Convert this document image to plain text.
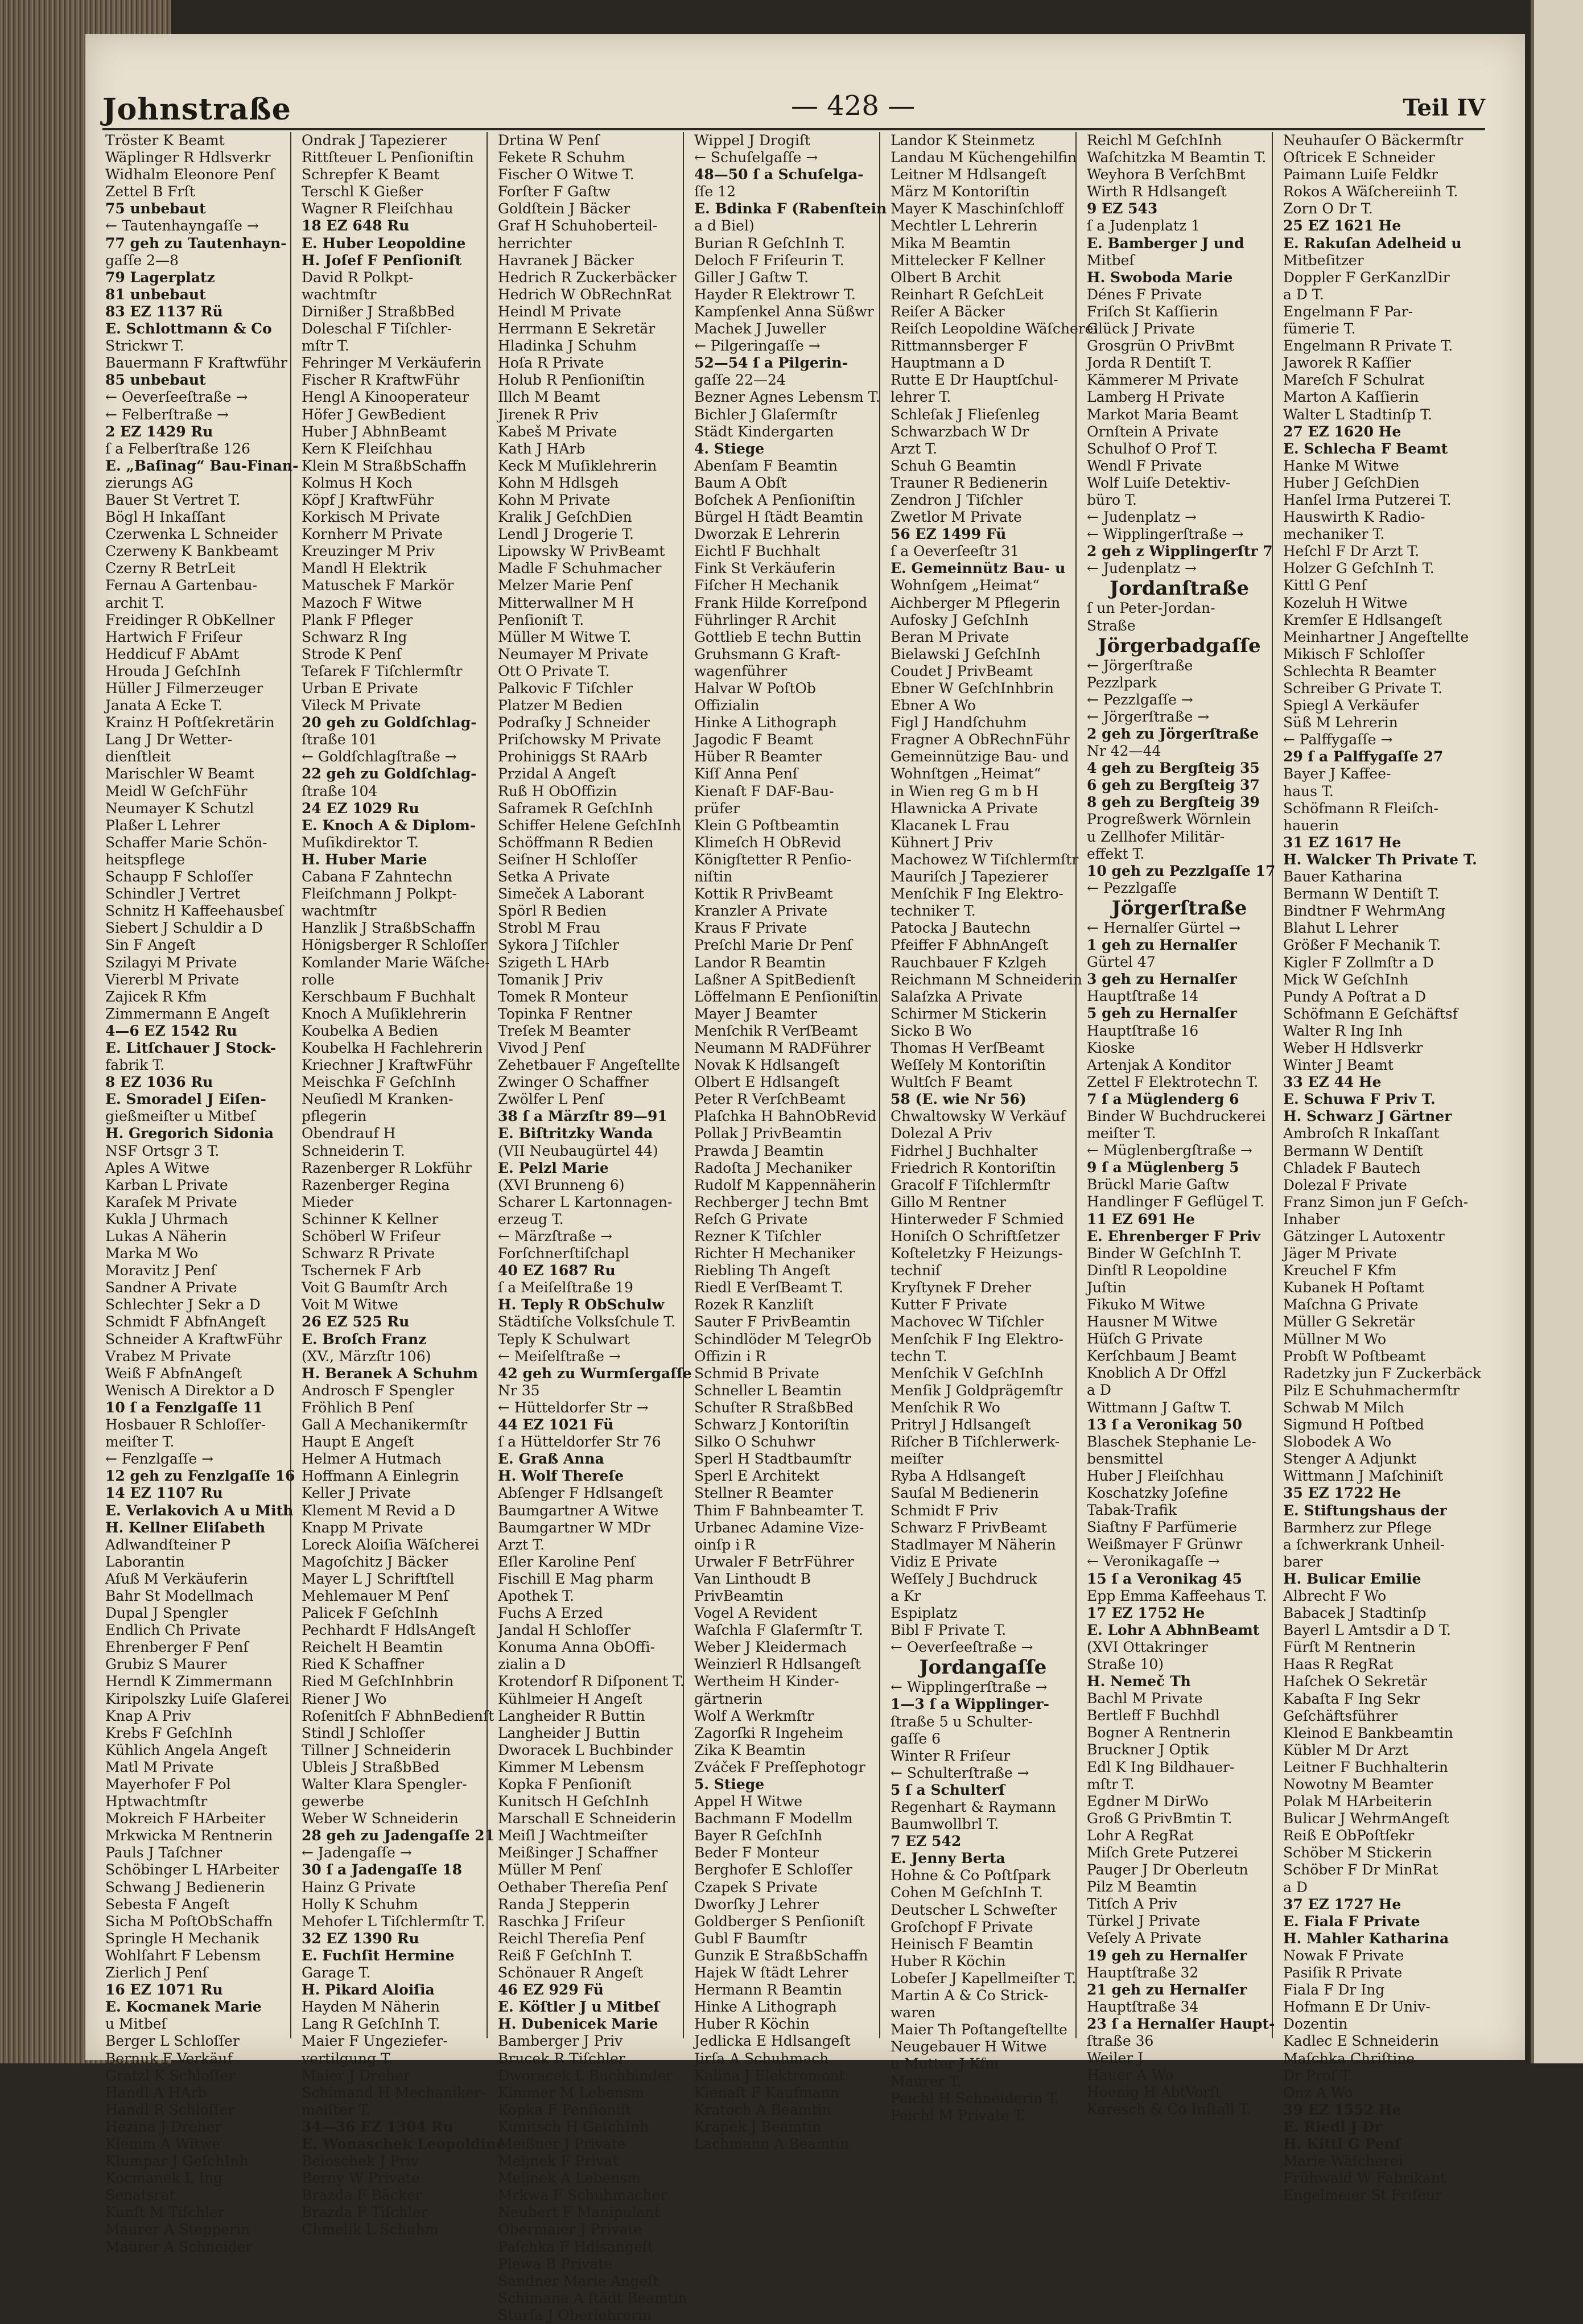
Johnstraße	— 428 —	Teil IV
Tröster K Beamt
Wäplinger R Hdlsverkr
Widhalm Eleonore Penſ
Zettel B Frſt
75 unbebaut
← Tautenhayngaſſe →
77 geh zu Tautenhayn-
gaſſe 2—8
79 Lagerplatz
81 unbebaut
83 EZ 1137 Rü
E. Schlottmann & Co
Strickwr T.
Bauermann F Kraftwführ
85 unbebaut
← Oeverſeeſtraße →
← Felberſtraße →
2 EZ 1429 Ru
ſ a Felberſtraße 126
E. „Baſinag“ Bau-Finan-
zierungs AG
Bauer St Vertret T.
Bögl H Inkaſſant
Czerwenka L Schneider
Czerweny K Bankbeamt
Czerny R BetrLeit
Fernau A Gartenbau-
archit T.
Freidinger R ObKellner
Hartwich F Friſeur
Heddicuf F AbAmt
Hrouda J GeſchInh
Hüller J Filmerzeuger
Janata A Ecke T.
Krainz H Poſtſekretärin
Lang J Dr Wetter-
dienſtleit
Marischler W Beamt
Meidl W GeſchFühr
Neumayer K Schutzl
Plaßer L Lehrer
Schaffer Marie Schön-
heitspflege
Schaupp F Schloſſer
Schindler J Vertret
Schnitz H Kaffeehausbeſ
Siebert J Schuldir a D
Sin F Angeſt
Szilagyi M Private
Viererbl M Private
Zajicek R Kfm
Zimmermann E Angeſt
4—6 EZ 1542 Ru
E. Litſchauer J Stock-
fabrik T.
8 EZ 1036 Ru
E. Smoradel J Eiſen-
gießmeiſter u Mitbeſ
H. Gregorich Sidonia
NSF Ortsgr 3 T.
Aples A Witwe
Karban L Private
Karaſek M Private
Kukla J Uhrmach
Lukas A Näherin
Marka M Wo
Moravitz J Penſ
Sandner A Private
Schlechter J Sekr a D
Schmidt F AbfnAngeſt
Schneider A KraftwFühr
Vrabez M Private
Weiß F AbfnAngeſt
Wenisch A Direktor a D
10 ſ a Fenzlgaſſe 11
Hosbauer R Schloſſer-
meiſter T.
← Fenzlgaſſe →
12 geh zu Fenzlgaſſe 16
14 EZ 1107 Ru
E. Verlakovich A u Mith
H. Kellner Eliſabeth
Adlwandſteiner P
Laborantin
Aſuß M Verkäuferin
Bahr St Modellmach
Dupal J Spengler
Endlich Ch Private
Ehrenberger F Penſ
Grubiz S Maurer
Herndl K Zimmermann
Kiripolszky Luiſe Glaſerei
Knap A Priv
Krebs F GeſchInh
Kühlich Angela Angeſt
Matl M Private
Mayerhofer F Pol
Hptwachtmſtr
Mokreich F HArbeiter
Mrkwicka M Rentnerin
Pauls J Taſchner
Schöbinger L HArbeiter
Schwang J Bedienerin
Sebesta F Angeſt
Sicha M PoſtObSchaffn
Springle H Mechanik
Wohlſahrt F Lebensm
Zierlich J Penſ
16 EZ 1071 Ru
E. Kocmanek Marie
u Mitbeſ
Berger L Schloſſer
Bernuk F Verkäuf
Gratzl K Schloſſer
Handl A HArb
Handl R Schloſſer
Hezina J Dreher
Klemm A Witwe
Klumpar J GeſchInh
Kocmanek L Ing
Senatsrat
Kunſt M Tiſchler
Maurer A Stepperin
Maurer A Schneider
Ondrak J Tapezierer
Rittſteuer L Penſioniſtin
Schrepfer K Beamt
Terschl K Gießer
Wagner R Fleiſchhau
18 EZ 648 Ru
E. Huber Leopoldine
H. Joſef F Penſioniſt
David R Polkpt-
wachtmſtr
Dirnißer J StraßbBed
Doleschal F Tiſchler-
mſtr T.
Fehringer M Verkäuferin
Fischer R KraftwFühr
Hengl A Kinooperateur
Höfer J GewBedient
Huber J AbhnBeamt
Kern K Fleiſchhau
Klein M StraßbSchaffn
Kolmus H Koch
Köpf J KraftwFühr
Korkisch M Private
Kornherr M Private
Kreuzinger M Priv
Mandl H Elektrik
Matuschek F Markör
Mazoch F Witwe
Plank F Pfleger
Schwarz R Ing
Strode K Penſ
Teſarek F Tiſchlermſtr
Urban E Private
Vileck M Private
20 geh zu Goldſchlag-
ſtraße 101
← Goldſchlagſtraße →
22 geh zu Goldſchlag-
ſtraße 104
24 EZ 1029 Ru
E. Knoch A & Diplom-
Muſikdirektor T.
H. Huber Marie
Cabana F Zahntechn
Fleiſchmann J Polkpt-
wachtmſtr
Hanzlik J StraßbSchaffn
Hönigsberger R Schloſſer
Komlander Marie Wäſche-
rolle
Kerschbaum F Buchhalt
Knoch A Muſiklehrerin
Koubelka A Bedien
Koubelka H Fachlehrerin
Kriechner J KraftwFühr
Meischka F GeſchInh
Neuſiedl M Kranken-
pflegerin
Obendrauf H
Schneiderin T.
Razenberger R Lokführ
Razenberger Regina
Mieder
Schinner K Kellner
Schöberl W Friſeur
Schwarz R Private
Tschernek F Arb
Voit G Baumſtr Arch
Voit M Witwe
26 EZ 525 Ru
E. Broſch Franz
(XV., Märzſtr 106)
H. Beranek A Schuhm
Androsch F Spengler
Fröhlich B Penſ
Gall A Mechanikermſtr
Haupt E Angeſt
Helmer A Hutmach
Hoffmann A Einlegrin
Keller J Private
Klement M Revid a D
Knapp M Private
Loreck Aloiſia Wäſcherei
Magoſchitz J Bäcker
Mayer L J Schriftſtell
Mehlemauer M Penſ
Palicek F GeſchInh
Pechhardt F HdlsAngeſt
Reichelt H Beamtin
Ried K Schaffner
Ried M GeſchInhbrin
Riener J Wo
Roſenitſch F AbhnBedienſt
Stindl J Schloſſer
Tillner J Schneiderin
Ubleis J StraßbBed
Walter Klara Spengler-
gewerbe
Weber W Schneiderin
28 geh zu Jadengaſſe 21
← Jadengaſſe →
30 ſ a Jadengaſſe 18
Hainz G Private
Holly K Schuhm
Mehofer L Tiſchlermſtr T.
32 EZ 1390 Ru
E. Fuchſit Hermine
Garage T.
H. Pikard Aloiſia
Hayden M Näherin
Lang R GeſchInh T.
Maier F Ungeziefer-
vertilgung T.
Maier J Dreher
Schimand H Mechaniker-
meiſter T.
34—36 EZ 1304 Ru
E. Wonaschek Leopoldine
Beloschek J Priv
Berny W Private
Brazda F Bäcker
Brazda F Tiſchler
Chmelik L Schuhm
Drtina W Penſ
Fekete R Schuhm
Fischer O Witwe T.
Forſter F Gaſtw
Goldſtein J Bäcker
Graf H Schuhoberteil-
herrichter
Havranek J Bäcker
Hedrich R Zuckerbäcker
Hedrich W ObRechnRat
Heindl M Private
Herrmann E Sekretär
Hladinka J Schuhm
Hoſa R Private
Holub R Penſioniſtin
Illch M Beamt
Jirenek R Priv
Kabeš M Private
Kath J HArb
Keck M Muſiklehrerin
Kohn M Hdlsgeh
Kohn M Private
Kralik J GeſchDien
Lendl J Drogerie T.
Lipowsky W PrivBeamt
Madle F Schuhmacher
Melzer Marie Penſ
Mitterwallner M H
Penſioniſt T.
Müller M Witwe T.
Neumayer M Private
Ott O Private T.
Palkovic F Tiſchler
Platzer M Bedien
Podraſky J Schneider
Priſchowsky M Private
Prohiniggs St RAArb
Przidal A Angeſt
Ruß H ObOffizin
Saframek R GeſchInh
Schiffer Helene GeſchInh
Schöffmann R Bedien
Seiſner H Schloſſer
Setka A Private
Simeček A Laborant
Spörl R Bedien
Strobl M Frau
Sykora J Tiſchler
Szigeth L HArb
Tomanik J Priv
Tomek R Monteur
Topinka F Rentner
Treſek M Beamter
Vivod J Penſ
Zehetbauer F Angeſtellte
Zwinger O Schaffner
Zwölfer L Penſ
38 ſ a Märzſtr 89—91
E. Biſtritzky Wanda
(VII Neubaugürtel 44)
E. Pelzl Marie
(XVI Brunneng 6)
Scharer L Kartonnagen-
erzeug T.
← Märzſtraße →
Forſchnerſtiſchapl
40 EZ 1687 Ru
ſ a Meiſelſtraße 19
H. Teply R ObSchulw
Städtiſche Volksſchule T.
Teply K Schulwart
← Meiſelſtraße →
42 geh zu Wurmſergaſſe
Nr 35
← Hütteldorfer Str →
44 EZ 1021 Fü
ſ a Hütteldorfer Str 76
E. Graß Anna
H. Wolf Thereſe
Abſenger F Hdlsangeſt
Baumgartner A Witwe
Baumgartner W MDr
Arzt T.
Eſler Karoline Penſ
Fischill E Mag pharm
Apothek T.
Fuchs A Erzed
Jandal H Schloſſer
Konuma Anna ObOffi-
zialin a D
Krotendorf R Diſponent T.
Kühlmeier H Angeſt
Langheider R Buttin
Langheider J Buttin
Dworacek L Buchbinder
Kimmer M Lebensm
Kopka F Penſioniſt
Kunitsch H GeſchInh
Marschall E Schneiderin
Meiſl J Wachtmeiſter
Meißinger J Schaffner
Müller M Penſ
Oethaber Thereſia Penſ
Randa J Stepperin
Raschka J Friſeur
Reichl Thereſia Penſ
Reiß F GeſchInh T.
Schönauer R Angeſt
46 EZ 929 Fü
E. Köſtler J u Mitbeſ
H. Dubenicek Marie
Bamberger J Priv
Brucek R Tiſchler
Dworacek L Buchbinder
Kimmer M Lebensm
Kopka F Penſioniſt
Kunitsch H GeſchInh
Meißner J Private
Meljnek F Privat
Meljnek A Lebensm
Mrkwa F Schuhmacher
Neubert F Manipulant
Obermaier J Private
Paſchka F Hdlsangeſt
Plewa B Private
Sandner Marie Angeſt
Schimana A ſtädt Beamtin
Sturſa J Oberlehrerin
Wippel J Drogiſt
← Schuſelgaſſe →
48—50 ſ a Schuſelga-
ſſe 12
E. Bdinka F (Rabenſtein
a d Biel)
Burian R GeſchInh T.
Deloch F Friſeurin T.
Giller J Gaſtw T.
Hayder R Elektrowr T.
Kampſenkel Anna Süßwr
Machek J Juweller
← Pilgeringaſſe →
52—54 ſ a Pilgerin-
gaſſe 22—24
Bezner Agnes Lebensm T.
Bichler J Glaſermſtr
Städt Kindergarten
4. Stiege
Abenſam F Beamtin
Baum A Obſt
Boſchek A Penſioniſtin
Bürgel H ſtädt Beamtin
Dworzak E Lehrerin
Eichtl F Buchhalt
Fink St Verkäuferin
Fiſcher H Mechanik
Frank Hilde Korreſpond
Führlinger R Archit
Gottlieb E techn Buttin
Gruhsmann G Kraft-
wagenführer
Halvar W PoſtOb
Offizialin
Hinke A Lithograph
Jagodic F Beamt
Hüber R Beamter
Kiſſ Anna Penſ
Kienaſt F DAF-Bau-
prüfer
Klein G Poſtbeamtin
Klimeſch H ObRevid
Königſtetter R Penſio-
niſtin
Kottik R PrivBeamt
Kranzler A Private
Kraus F Private
Preſchl Marie Dr Penſ
Landor R Beamtin
Laßner A SpitBedienſt
Löffelmann E Penſioniſtin
Mayer J Beamter
Menſchik R VerſBeamt
Neumann M RADFührer
Novak K Hdlsangeſt
Olbert E Hdlsangeſt
Peter R VerſchBeamt
Plaſchka H BahnObRevid
Pollak J PrivBeamtin
Prawda J Beamtin
Radoſta J Mechaniker
Rudolf M Kappennäherin
Rechberger J techn Bmt
Reſch G Private
Rezner K Tiſchler
Richter H Mechaniker
Riebling Th Angeſt
Riedl E VerſBeamt T.
Rozek R Kanzliſt
Sauter F PrivBeamtin
Schindlöder M TelegrOb
Offizin i R
Schmid B Private
Schneller L Beamtin
Schuſter R StraßbBed
Schwarz J Kontoriſtin
Silko O Schuhwr
Sperl H Stadtbaumſtr
Sperl E Architekt
Stellner R Beamter
Thim F Bahnbeamter T.
Urbanec Adamine Vize-
oinſp i R
Urwaler F BetrFührer
Van Linthoudt B
PrivBeamtin
Vogel A Revident
Waſchla F Glaſermſtr T.
Weber J Kleidermach
Weinzierl R Hdlsangeſt
Wertheim H Kinder-
gärtnerin
Wolf A Werkmſtr
Zagorſki R Ingeheim
Zika K Beamtin
Zváček F Preſſephotogr
5. Stiege
Appel H Witwe
Bachmann F Modellm
Bayer R GeſchInh
Beder F Monteur
Berghofer E Schloſſer
Czapek S Private
Dworſky J Lehrer
Goldberger S Penſioniſt
Gubl F Baumſtr
Gunzik E StraßbSchaffn
Hajek W ſtädt Lehrer
Hermann R Beamtin
Hinke A Lithograph
Huber R Köchin
Jedlicka E Hdlsangeſt
Jirſa A Schuhmach
Kalina J Elektromont
Kienaſt F Kaufmann
Kratoch A Beamtin
Krapek J Beamtin
Lachmann A Beamtin
Landor K Steinmetz
Landau M Küchengehilfin
Leitner M Hdlsangeſt
März M Kontoriſtin
Mayer K Maschinſchloff
Mechtler L Lehrerin
Mika M Beamtin
Mittelecker F Kellner
Olbert B Archit
Reinhart R GeſchLeit
Reiſer A Bäcker
Reiſch Leopoldine Wäſcherei
Rittmannsberger F
Hauptmann a D
Rutte E Dr Hauptſchul-
lehrer T.
Schleſak J Flieſenleg
Schwarzbach W Dr
Arzt T.
Schuh G Beamtin
Trauner R Bedienerin
Zendron J Tiſchler
Zwetlor M Private
56 EZ 1499 Fü
ſ a Oeverſeeſtr 31
E. Gemeinnütz Bau- u
Wohnſgem „Heimat“
Aichberger M Pflegerin
Aufosky J GeſchInh
Beran M Private
Bielawski J GeſchInh
Coudet J PrivBeamt
Ebner W GeſchInhbrin
Ebner A Wo
Figl J Handſchuhm
Fragner A ObRechnFühr
Gemeinnützige Bau- und
Wohnſtgen „Heimat“
in Wien reg G m b H
Hlawnicka A Private
Klacanek L Frau
Kühnert J Priv
Machowez W Tiſchlermſtr
Mauriſch J Tapezierer
Menſchik F Ing Elektro-
techniker T.
Patocka J Bautechn
Pfeiffer F AbhnAngeſt
Rauchbauer F Kzlgeh
Reichmann M Schneiderin
Salaſzka A Private
Schirmer M Stickerin
Sicko B Wo
Thomas H VerſBeamt
Weſſely M Kontoriſtin
Wultſch F Beamt
58 (E. wie Nr 56)
Chwaltowsky W Verkäuf
Dolezal A Priv
Fidrhel J Buchhalter
Friedrich R Kontoriſtin
Gracolf F Tiſchlermſtr
Gillo M Rentner
Hinterweder F Schmied
Honiſch O Schriftſetzer
Koſteletzky F Heizungs-
techniſ
Kryſtynek F Dreher
Kutter F Private
Machovec W Tiſchler
Menſchik F Ing Elektro-
techn T.
Menſchik V GeſchInh
Menſik J Goldprägemſtr
Menſchik R Wo
Pritryl J Hdlsangeſt
Riſcher B Tiſchlerwerk-
meiſter
Ryba A Hdlsangeſt
Sauſal M Bedienerin
Schmidt F Priv
Schwarz F PrivBeamt
Stadlmayer M Näherin
Vidiz E Private
Weſſely J Buchdruck
a Kr
Espiplatz
Bibl F Private T.
← Oeverſeeſtraße →
Jordangaſſe
← Wipplingerſtraße →
1—3 ſ a Wipplinger-
ſtraße 5 u Schulter-
gaſſe 6
Winter R Friſeur
← Schulterſtraße →
5 ſ a Schulterſ
Regenhart & Raymann
Baumwollbrl T.
7 EZ 542
E. Jenny Berta
Hohne & Co Poſtſpark
Cohen M GeſchInh T.
Deutscher L Schweſter
Groſchopf F Private
Heinisch F Beamtin
Huber R Köchin
Lobeſer J Kapellmeiſter T.
Martin A & Co Strick-
waren
Maier Th Poſtangeſtellte
Neugebauer H Witwe
u Mutter J Kfm
Maurer T.
Peichl H Schneiderin T.
Peichl M Private T.
Reichl M GeſchInh
Waſchitzka M Beamtin T.
Weyhora B VerſchBmt
Wirth R Hdlsangeſt
9 EZ 543
ſ a Judenplatz 1
E. Bamberger J und
Mitbeſ
H. Swoboda Marie
Dénes F Private
Friſch St Kaſſierin
Glück J Private
Grosgrün O PrivBmt
Jorda R Dentiſt T.
Kämmerer M Private
Lamberg H Private
Markot Maria Beamt
Ornſtein A Private
Schulhof O Prof T.
Wendl F Private
Wolf Luiſe Detektiv-
büro T.
← Judenplatz →
← Wipplingerſtraße →
2 geh z Wipplingerſtr 7
← Judenplatz →
Jordanſtraße
ſ un Peter-Jordan-
Straße
Jörgerbadgaſſe
← Jörgerſtraße
Pezzlpark
← Pezzlgaſſe →
← Jörgerſtraße →
2 geh zu Jörgerſtraße
Nr 42—44
4 geh zu Bergſteig 35
6 geh zu Bergſteig 37
8 geh zu Bergſteig 39
Progreßwerk Wörnlein
u Zellhofer Militär-
effekt T.
10 geh zu Pezzlgaſſe 17
← Pezzlgaſſe
Jörgerſtraße
← Hernalſer Gürtel →
1 geh zu Hernalſer
Gürtel 47
3 geh zu Hernalſer
Hauptſtraße 14
5 geh zu Hernalſer
Hauptſtraße 16
Kioske
Artenjak A Konditor
Zettel F Elektrotechn T.
7 ſ a Müglenderg 6
Binder W Buchdruckerei
meiſter T.
← Müglenbergſtraße →
9 ſ a Müglenberg 5
Brückl Marie Gaſtw
Handlinger F Geflügel T.
11 EZ 691 He
E. Ehrenberger F Priv
Binder W GeſchInh T.
Dinſtl R Leopoldine
Juſtin
Fikuko M Witwe
Hausner M Witwe
Hüſch G Private
Kerſchbaum J Beamt
Knoblich A Dr Offzl
a D
Wittmann J Gaſtw T.
13 ſ a Veronikag 50
Blaschek Stephanie Le-
bensmittel
Huber J Fleiſchhau
Koschatzky Joſefine
Tabak-Trafik
Siaſtny F Parfümerie
Weißmayer F Grünwr
← Veronikagaſſe →
15 ſ a Veronikag 45
Epp Emma Kaffeehaus T.
17 EZ 1752 He
E. Lohr A AbhnBeamt
(XVI Ottakringer
Straße 10)
H. Nemeč Th
Bachl M Private
Bertleff F Buchhdl
Bogner A Rentnerin
Bruckner J Optik
Edl K Ing Bildhauer-
mſtr T.
Egdner M DirWo
Groß G PrivBmtin T.
Lohr A RegRat
Miſch Grete Putzerei
Pauger J Dr Oberleutn
Pilz M Beamtin
Titſch A Priv
Türkel J Private
Veſely A Private
19 geh zu Hernalſer
Hauptſtraße 32
21 geh zu Hernalſer
Hauptſtraße 34
23 ſ a Hernalſer Haupt-
ſtraße 36
Weiler J
Hauer A Wo
Hoenig H AbtVorſt
Karesch & Co Inſtall T.
Neuhauſer O Bäckermſtr
Oſtricek E Schneider
Paimann Luiſe Feldkr
Rokos A Wäſchereiinh T.
Zorn O Dr T.
25 EZ 1621 He
E. Rakuſan Adelheid u
Mitbeſitzer
Doppler F GerKanzlDir
a D T.
Engelmann F Par-
fümerie T.
Engelmann R Private T.
Jaworek R Kaſſier
Mareſch F Schulrat
Marton A Kaſſierin
Walter L Stadtinſp T.
27 EZ 1620 He
E. Schlecha F Beamt
Hanke M Witwe
Huber J GeſchDien
Hanſel Irma Putzerei T.
Hauswirth K Radio-
mechaniker T.
Heſchl F Dr Arzt T.
Holzer G GeſchInh T.
Kittl G Penſ
Kozeluh H Witwe
Kremſer E Hdlsangeſt
Meinhartner J Angeſtellte
Mikisch F Schloſſer
Schlechta R Beamter
Schreiber G Private T.
Spiegl A Verkäufer
Süß M Lehrerin
← Palffygaſſe →
29 ſ a Palffygaſſe 27
Bayer J Kaffee-
haus T.
Schöfmann R Fleiſch-
hauerin
31 EZ 1617 He
H. Walcker Th Private T.
Bauer Katharina
Bermann W Dentiſt T.
Bindtner F WehrmAng
Blahut L Lehrer
Größer F Mechanik T.
Kigler F Zollmſtr a D
Mick W GeſchInh
Pundy A Poſtrat a D
Schöfmann E Geſchäftsf
Walter R Ing Inh
Weber H Hdlsverkr
Winter J Beamt
33 EZ 44 He
E. Schuwa F Priv T.
H. Schwarz J Gärtner
Ambroſch R Inkaſſant
Bermann W Dentiſt
Chladek F Bautech
Dolezal F Private
Franz Simon jun F Geſch-
Inhaber
Gätzinger L Autoxentr
Jäger M Private
Kreuchel F Kfm
Kubanek H Poſtamt
Maſchna G Private
Müller G Sekretär
Müllner M Wo
Probſt W Poſtbeamt
Radetzky jun F Zuckerbäck
Pilz E Schuhmachermſtr
Schwab M Milch
Sigmund H Poſtbed
Slobodek A Wo
Stenger A Adjunkt
Wittmann J Maſchiniſt
35 EZ 1722 He
E. Stiftungshaus der
Barmherz zur Pflege
a ſchwerkrank Unheil-
barer
H. Bulicar Emilie
Albrecht F Wo
Babacek J Stadtinſp
Bayerl L Amtsdir a D T.
Fürſt M Rentnerin
Haas R RegRat
Haſchek O Sekretär
Kabaſta F Ing Sekr
Geſchäftsführer
Kleinod E Bankbeamtin
Kübler M Dr Arzt
Leitner F Buchhalterin
Nowotny M Beamter
Polak M HArbeiterin
Bulicar J WehrmAngeſt
Reiß E ObPoſtſekr
Schöber M Stickerin
Schöber F Dr MinRat
a D
37 EZ 1727 He
E. Fiala F Private
H. Mahler Katharina
Nowak F Private
Pasiſik R Private
Fiala F Dr Ing
Hofmann E Dr Univ-
Dozentin
Kadlec E Schneiderin
Maſchka Chriſtine
Dr Prof T.
Onz A Wo
39 EZ 1552 He
E. Riedl J Dr
H. Kittl G Penſ
Marie Wäſcherei
Frühwald W Fabrikant
Engelmeier St Friſeur
